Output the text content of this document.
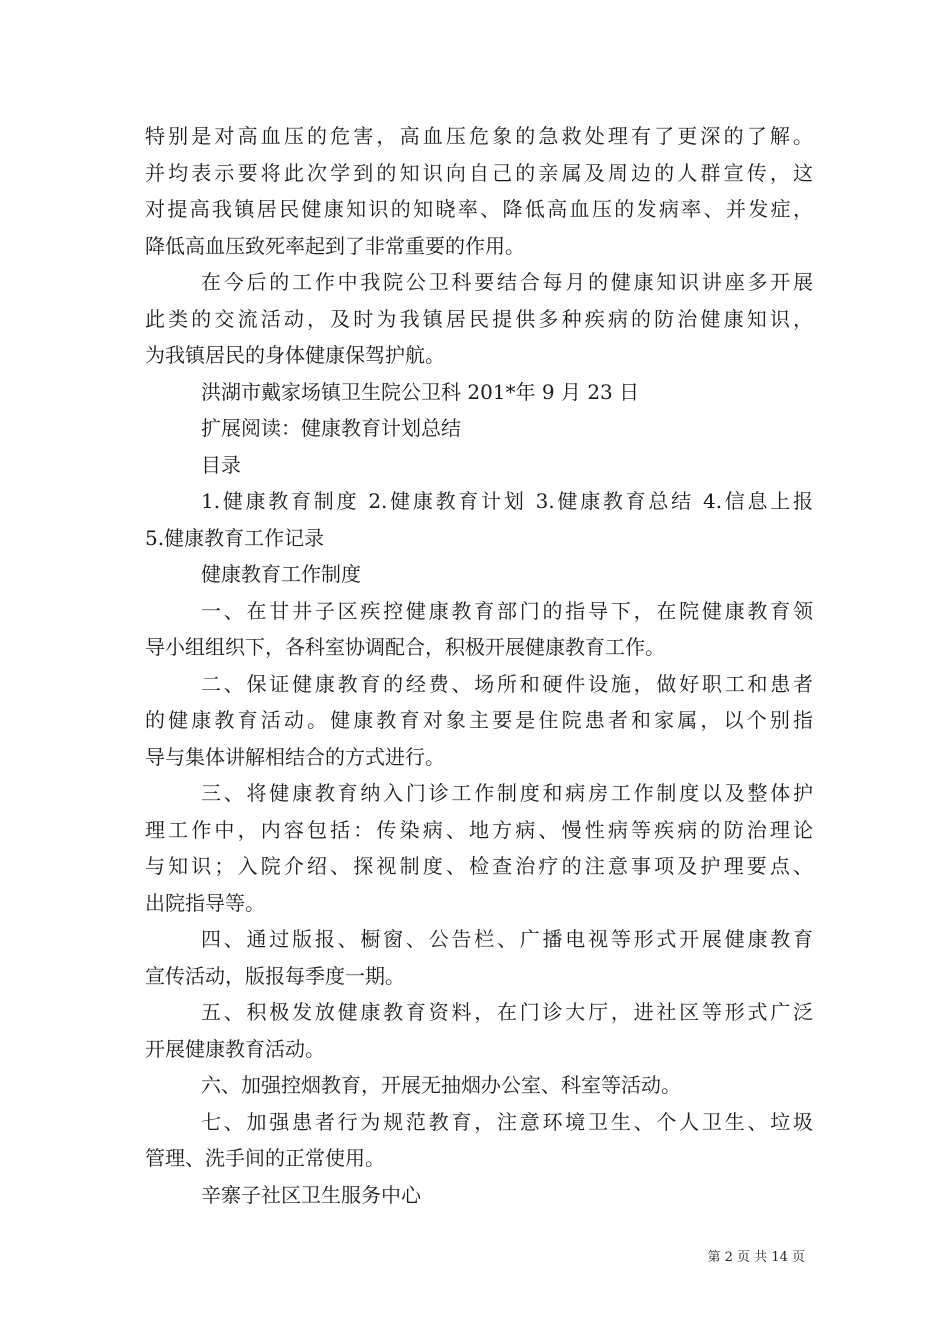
特别是对高血压的危害，高血压危象的急救处理有了更深的了解。
并均表示要将此次学到的知识向自己的亲属及周边的人群宣传，这
对提高我镇居民健康知识的知晓率、降低高血压的发病率、并发症，
降低高血压致死率起到了非常重要的作用。
在今后的工作中我院公卫科要结合每月的健康知识讲座多开展
此类的交流活动，及时为我镇居民提供多种疾病的防治健康知识，
为我镇居民的身体健康保驾护航。
洪湖市戴家场镇卫生院公卫科 201*年 9 月 23 日
扩展阅读：健康教育计划总结
目录
1.健康教育制度 2.健康教育计划 3.健康教育总结 4.信息上报
5.健康教育工作记录
健康教育工作制度
一、在甘井子区疾控健康教育部门的指导下，在院健康教育领
导小组组织下，各科室协调配合，积极开展健康教育工作。
二、保证健康教育的经费、场所和硬件设施，做好职工和患者
的健康教育活动。健康教育对象主要是住院患者和家属，以个别指
导与集体讲解相结合的方式进行。
三、将健康教育纳入门诊工作制度和病房工作制度以及整体护
理工作中，内容包括：传染病、地方病、慢性病等疾病的防治理论
与知识；入院介绍、探视制度、检查治疗的注意事项及护理要点、
出院指导等。
四、通过版报、橱窗、公告栏、广播电视等形式开展健康教育
宣传活动，版报每季度一期。
五、积极发放健康教育资料，在门诊大厅，进社区等形式广泛
开展健康教育活动。
六、加强控烟教育，开展无抽烟办公室、科室等活动。
七、加强患者行为规范教育，注意环境卫生、个人卫生、垃圾
管理、洗手间的正常使用。
辛寨子社区卫生服务中心
第 2 页 共 14 页
